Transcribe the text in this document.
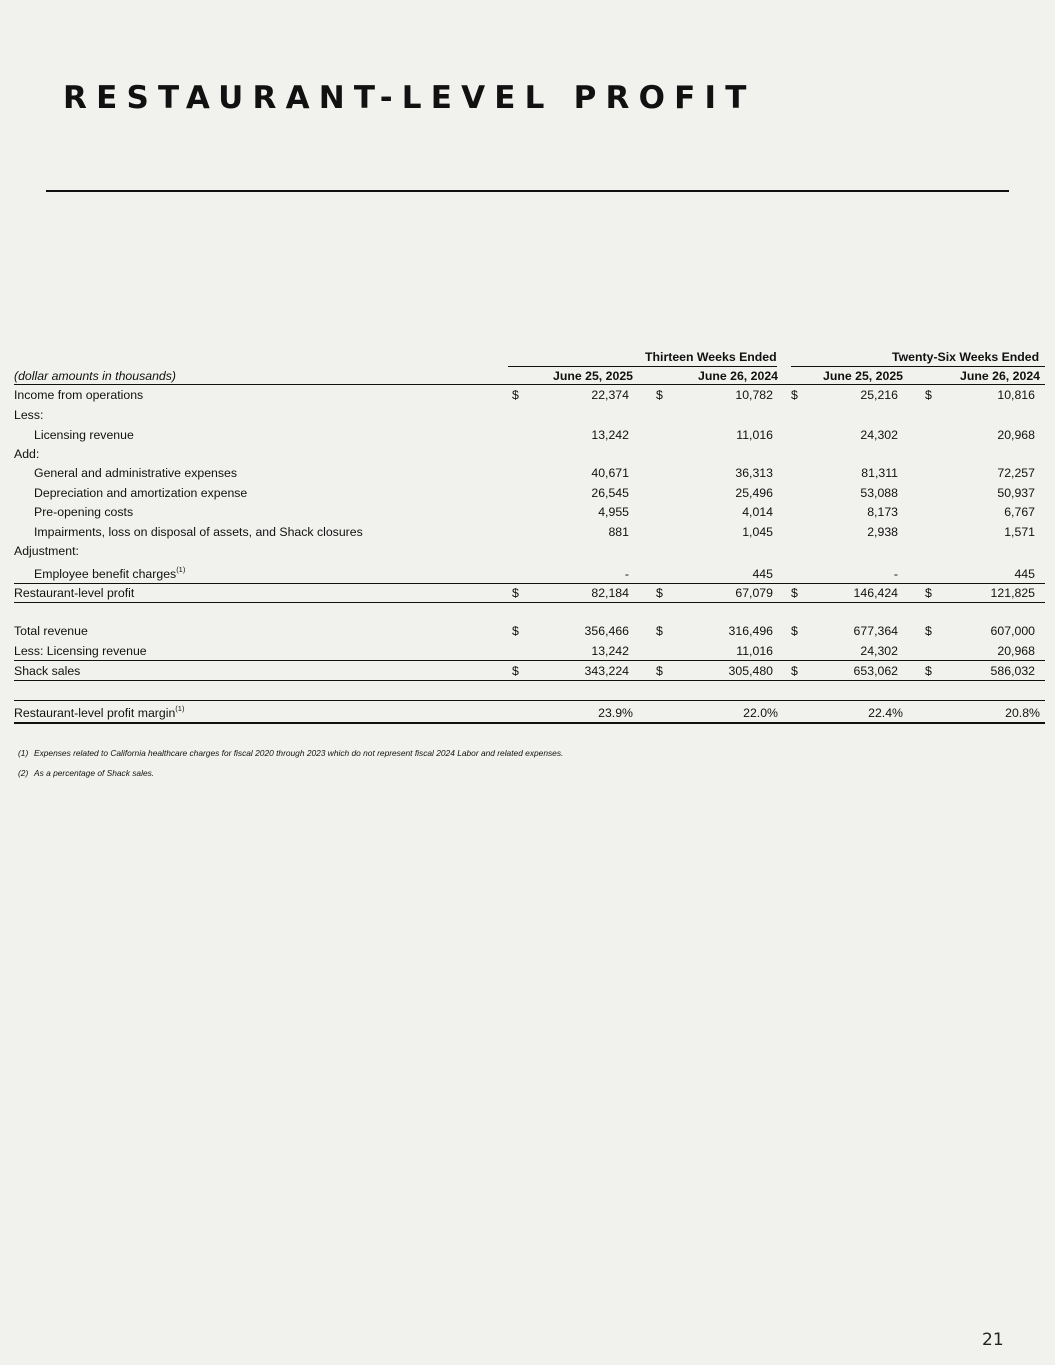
RESTAURANT-LEVEL PROFIT
Thirteen Weeks Ended	Twenty-Six Weeks Ended
(dollar amounts in thousands)	June 25, 2025	June 26, 2024	June 25, 2025	June 26, 2024
Income from operations	$	22,374 $	10,782 $	25,216 $	10,816
Less:
Licensing revenue	13,242	11,016	24,302	20,968
Add:
General and administrative expenses	40,671	36,313	81,311	72,257
Depreciation and amortization expense	26,545	25,496	53,088	50,937
Pre-opening costs	4,955	4,014	8,173	6,767
Impairments, loss on disposal of assets, and Shack closures	881	1,045	2,938	1,571
Adjustment:
Employee benefit charges$^{(1)}$	-	445	-	445
Restaurant-level profit	$	82,184 $	67,079 $	146,424 $	121,825
Total revenue	$	356,466 $	316,496 $	677,364 $	607,000
Less: Licensing revenue	13,242	11,016	24,302	20,968
Shack sales	$	343,224 $	305,480 $	653,062 $	586,032
Restaurant-level profit margin$^{(1)}$	23.9%	22.0%	22.4%	20.8%
(1) Expenses related to California healthcare charges for fiscal 2020 through 2023 which do not represent fiscal 2024 Labor and related expenses.
(2) As a percentage of Shack sales.
21
